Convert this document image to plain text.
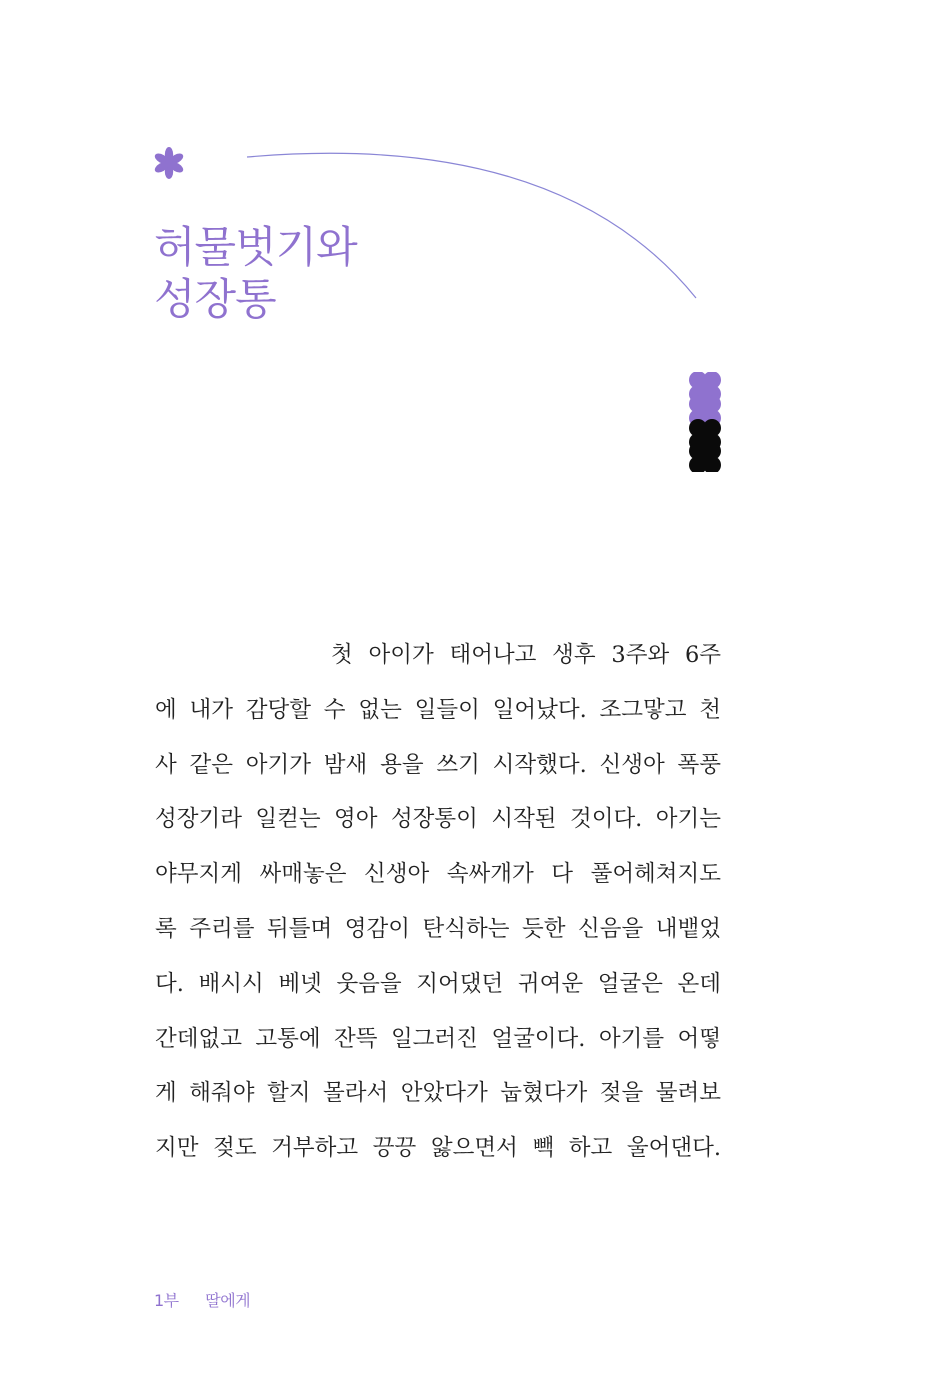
허물벗기와
성장통

첫 아이가 태어나고 생후 3주와 6주
에 내가 감당할 수 없는 일들이 일어났다. 조그맣고 천
사 같은 아기가 밤새 용을 쓰기 시작했다. 신생아 폭풍
성장기라 일컫는 영아 성장통이 시작된 것이다. 아기는
야무지게 싸매놓은 신생아 속싸개가 다 풀어헤쳐지도
록 주리를 뒤틀며 영감이 탄식하는 듯한 신음을 내뱉었
다. 배시시 베넷 웃음을 지어댔던 귀여운 얼굴은 온데
간데없고 고통에 잔뜩 일그러진 얼굴이다. 아기를 어떻
게 해줘야 할지 몰라서 안았다가 눕혔다가 젖을 물려보
지만 젖도 거부하고 끙끙 앓으면서 빽 하고 울어댄다.

1부 딸에게
